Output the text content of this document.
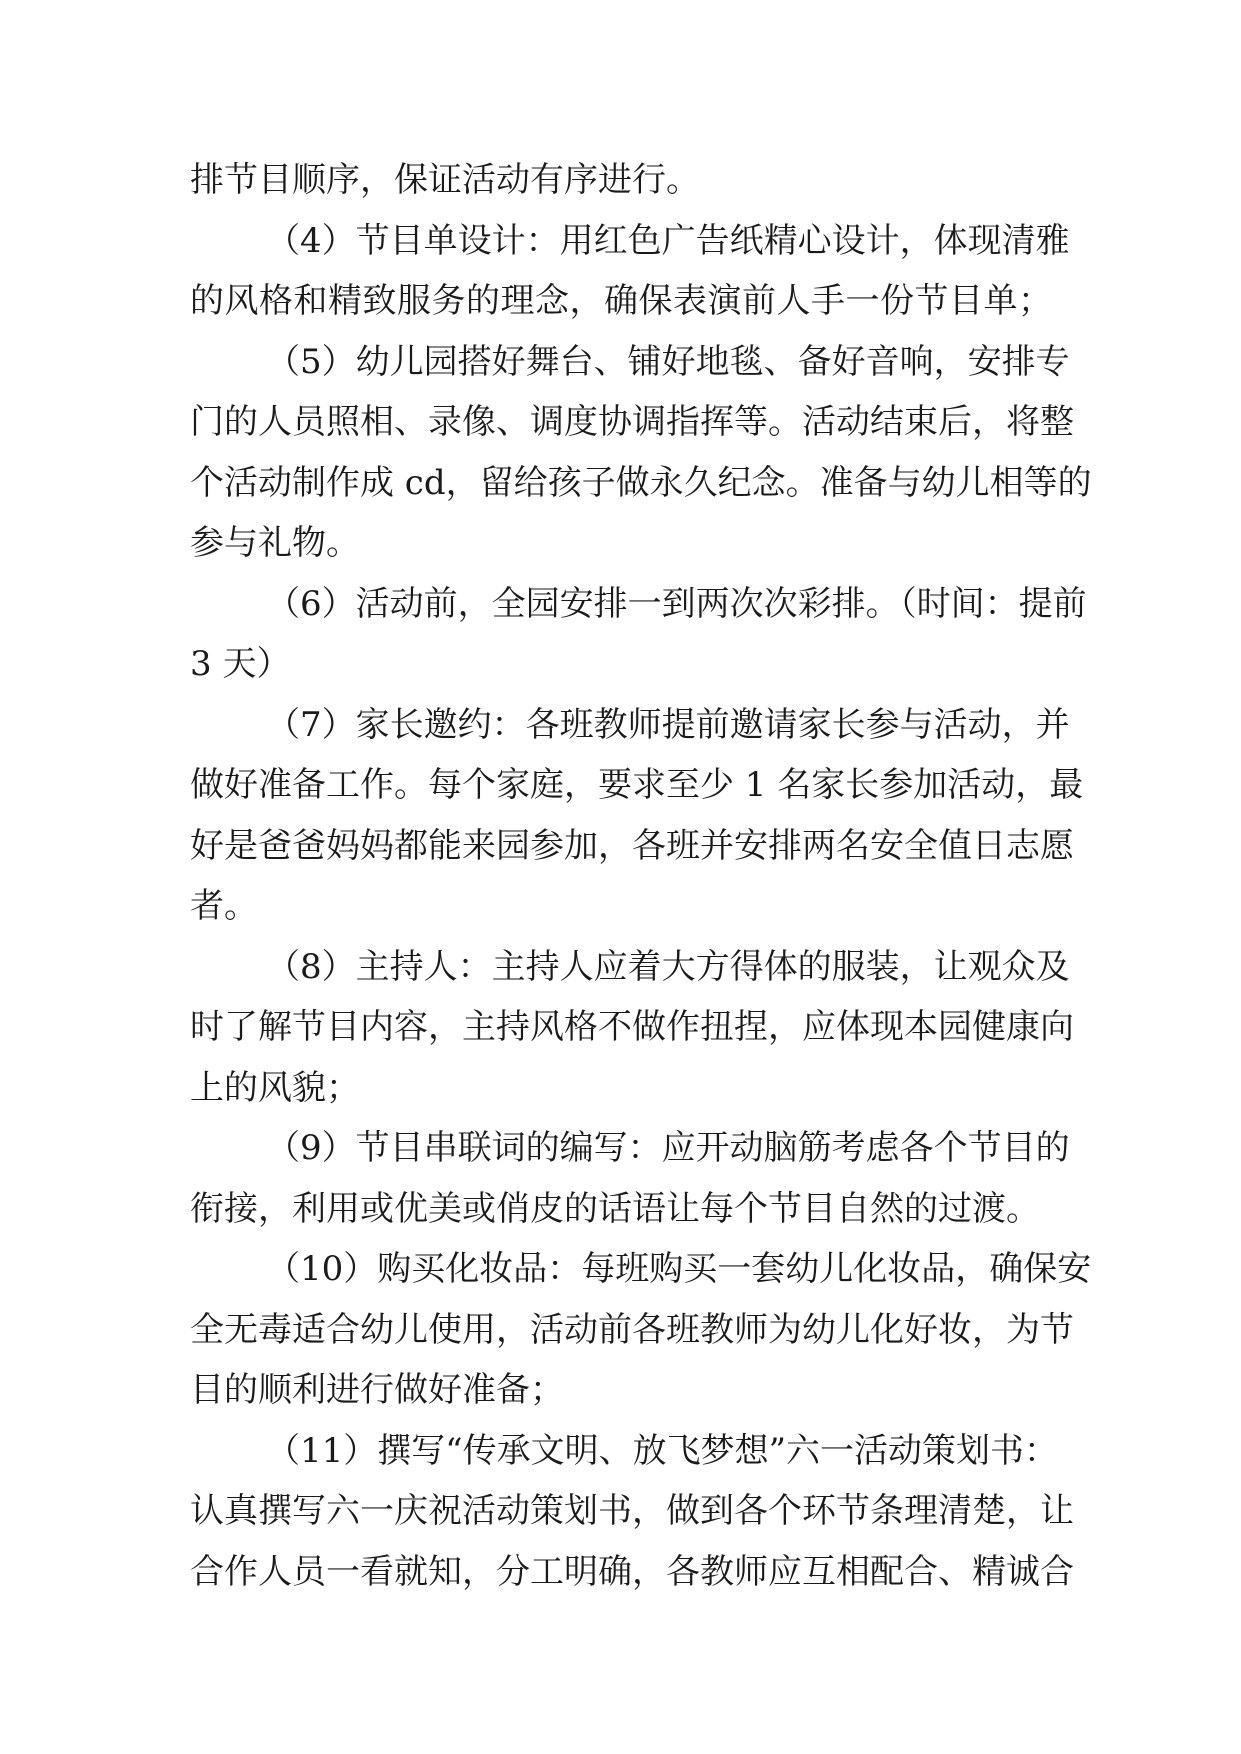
排节目顺序，保证活动有序进行。
（4）节目单设计：用红色广告纸精心设计，体现清雅
的风格和精致服务的理念，确保表演前人手一份节目单；
（5）幼儿园搭好舞台、铺好地毯、备好音响，安排专
门的人员照相、录像、调度协调指挥等。活动结束后，将整
个活动制作成 cd，留给孩子做永久纪念。准备与幼儿相等的
参与礼物。
（6）活动前，全园安排一到两次次彩排。（时间：提前
3 天）
（7）家长邀约：各班教师提前邀请家长参与活动，并
做好准备工作。每个家庭，要求至少 1 名家长参加活动，最
好是爸爸妈妈都能来园参加，各班并安排两名安全值日志愿
者。
（8）主持人：主持人应着大方得体的服装，让观众及
时了解节目内容，主持风格不做作扭捏，应体现本园健康向
上的风貌；
（9）节目串联词的编写：应开动脑筋考虑各个节目的
衔接，利用或优美或俏皮的话语让每个节目自然的过渡。
（10）购买化妆品：每班购买一套幼儿化妆品，确保安
全无毒适合幼儿使用，活动前各班教师为幼儿化好妆，为节
目的顺利进行做好准备；
（11）撰写“传承文明、放飞梦想”六一活动策划书：
认真撰写六一庆祝活动策划书，做到各个环节条理清楚，让
合作人员一看就知，分工明确，各教师应互相配合、精诚合
